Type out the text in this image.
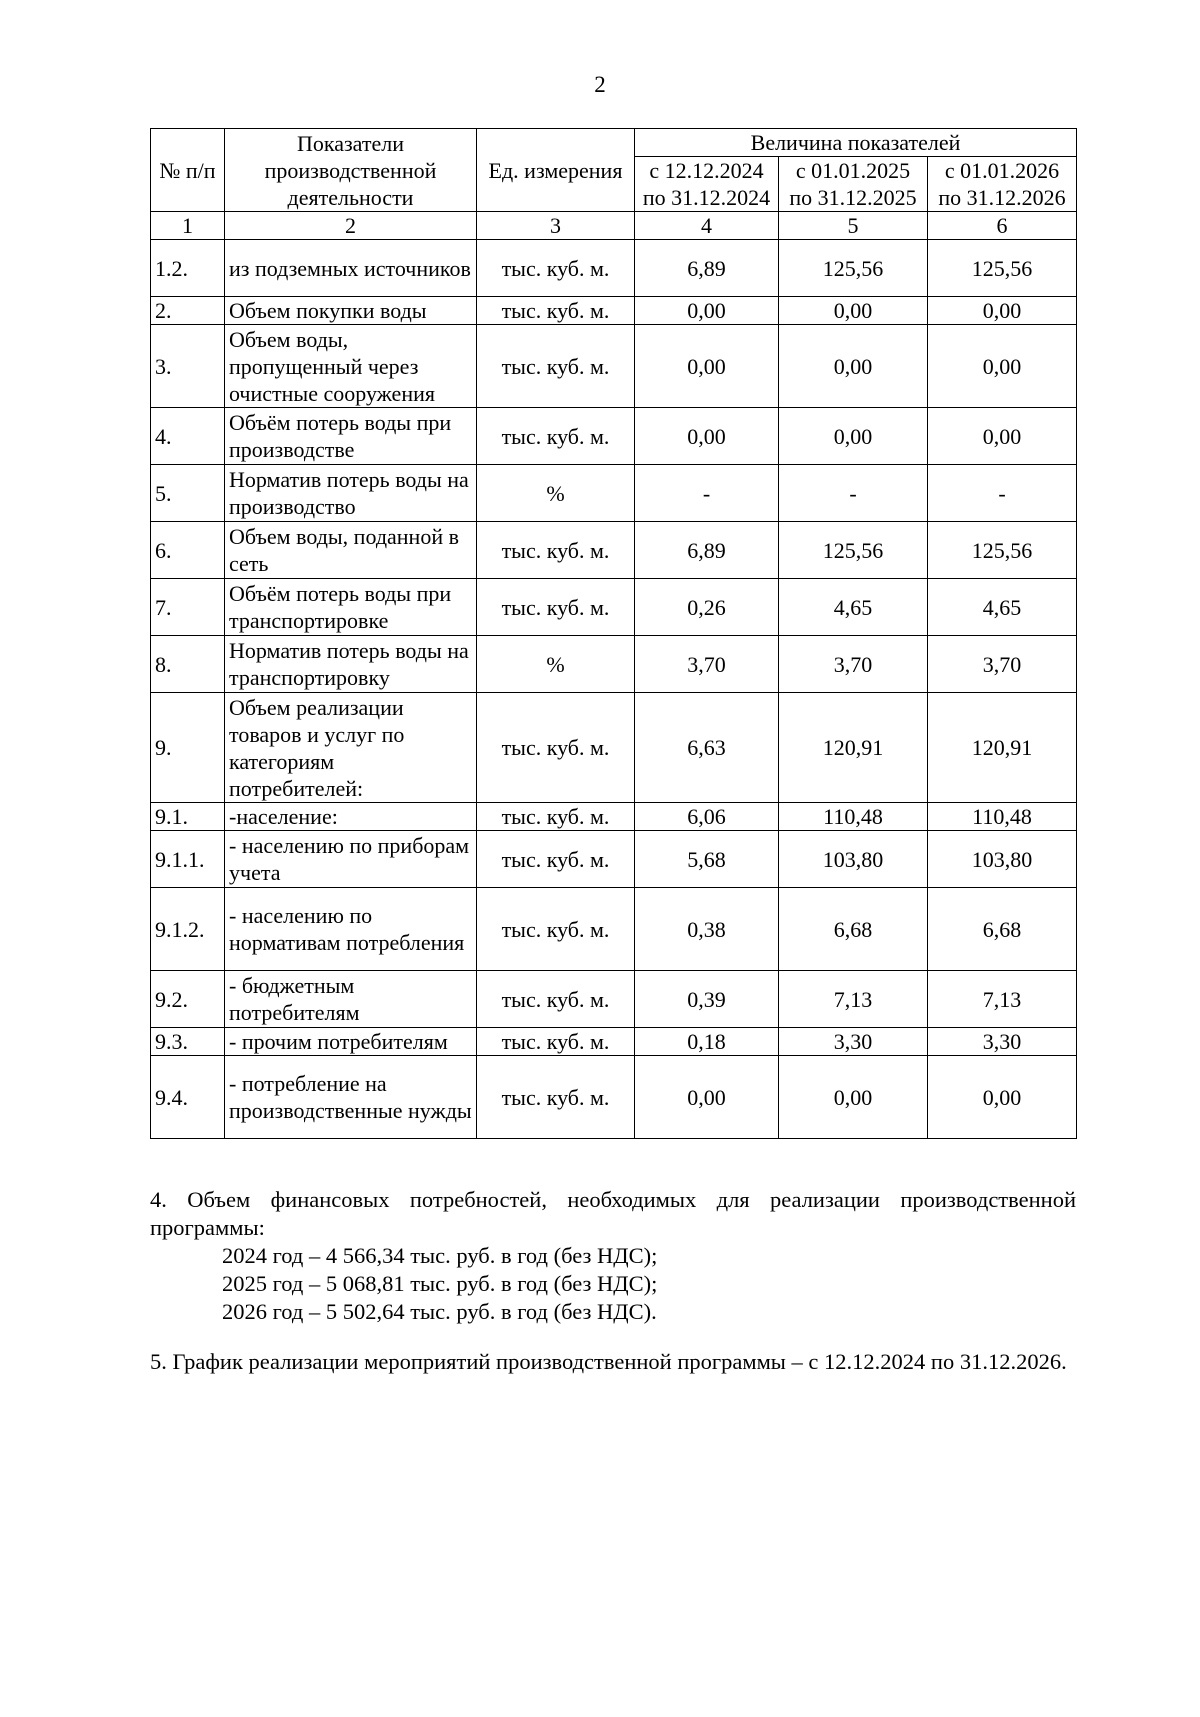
2
№ п/п	Показатели производственной деятельности	Ед. измерения	Величина показателей		
			с 12.12.2024 по 31.12.2024	с 01.01.2025 по 31.12.2025	с 01.01.2026 по 31.12.2026
1	2	3	4	5	6
1.2.	из подземных источников	тыс. куб. м.	6,89	125,56	125,56
2.	Объем покупки воды	тыс. куб. м.	0,00	0,00	0,00
3.	Объем воды, пропущенный через очистные сооружения	тыс. куб. м.	0,00	0,00	0,00
4.	Объём потерь воды при производстве	тыс. куб. м.	0,00	0,00	0,00
5.	Норматив потерь воды на производство	%	-	-	-
6.	Объем воды, поданной в сеть	тыс. куб. м.	6,89	125,56	125,56
7.	Объём потерь воды при транспортировке	тыс. куб. м.	0,26	4,65	4,65
8.	Норматив потерь воды на транспортировку	%	3,70	3,70	3,70
9.	Объем реализации товаров и услуг по категориям потребителей:	тыс. куб. м.	6,63	120,91	120,91
9.1.	-население:	тыс. куб. м.	6,06	110,48	110,48
9.1.1.	- населению по приборам учета	тыс. куб. м.	5,68	103,80	103,80
9.1.2.	- населению по нормативам потребления	тыс. куб. м.	0,38	6,68	6,68
9.2.	- бюджетным потребителям	тыс. куб. м.	0,39	7,13	7,13
9.3.	- прочим потребителям	тыс. куб. м.	0,18	3,30	3,30
9.4.	- потребление на производственные нужды	тыс. куб. м.	0,00	0,00	0,00
4. Объем финансовых потребностей, необходимых для реализации производственной программы:
2024 год – 4 566,34 тыс. руб. в год (без НДС);
2025 год – 5 068,81 тыс. руб. в год (без НДС);
2026 год – 5 502,64 тыс. руб. в год (без НДС).
5. График реализации мероприятий производственной программы – с 12.12.2024 по 31.12.2026.
